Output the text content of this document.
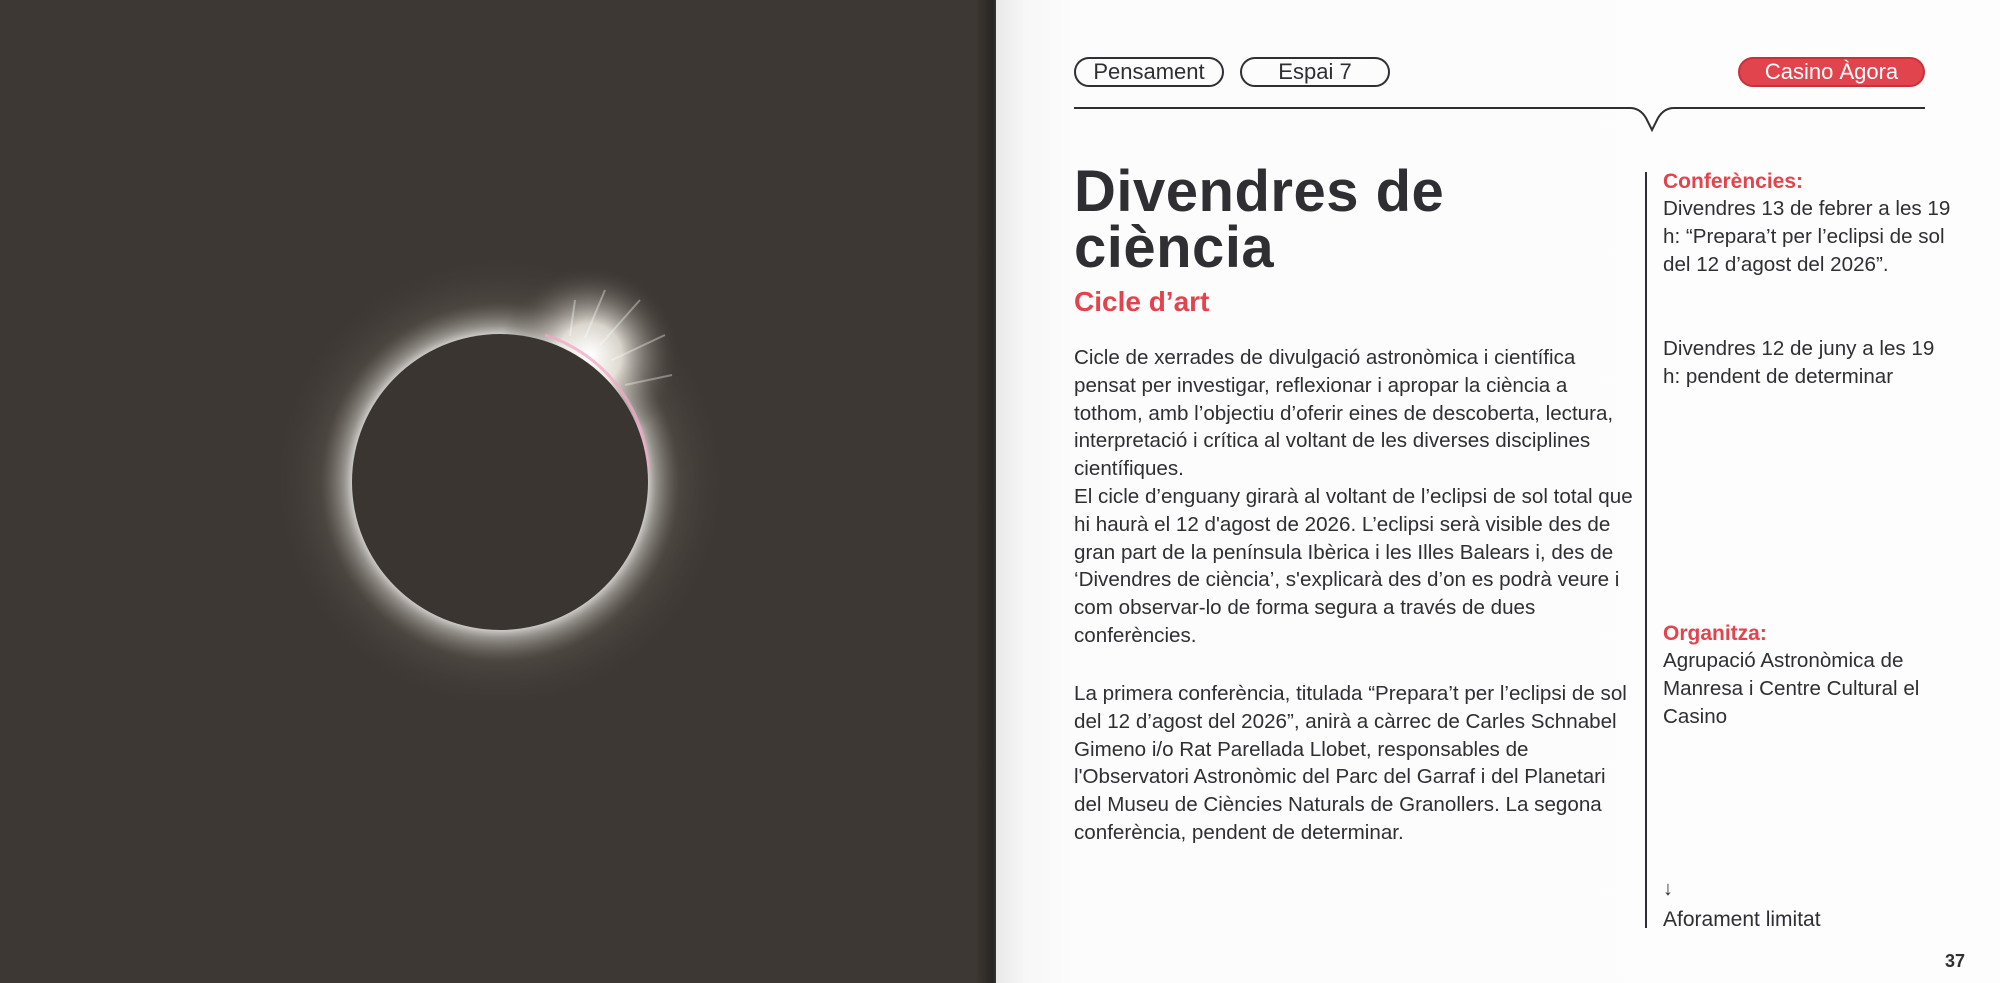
Pensament	Espai 7	Casino Àgora
Divendres de
ciència
Cicle d’art

Cicle de xerrades de divulgació astronòmica i científica pensat per investigar, reflexionar i apropar la ciència a tothom, amb l’objectiu d’oferir eines de descoberta, lectura, interpretació i crítica al voltant de les diverses disciplines científiques.

El cicle d’enguany girarà al voltant de l’eclipsi de sol total que hi haurà el 12 d'agost de 2026. L’eclipsi serà visible des de gran part de la península Ibèrica i les Illes Balears i, des de ‘Divendres de ciència’, s'explicarà des d’on es podrà veure i com observar-lo de forma segura a través de dues conferències.

La primera conferència, titulada “Prepara’t per l’eclipsi de sol del 12 d’agost del 2026”, anirà a càrrec de Carles Schnabel Gimeno i/o Rat Parellada Llobet, responsables de l'Observatori Astronòmic del Parc del Garraf i del Planetari del Museu de Ciències Naturals de Granollers. La segona conferència, pendent de determinar.

Conferències:

Divendres 13 de febrer a les 19 h: “Prepara’t per l’eclipsi de sol del 12 d’agost del 2026”.

Divendres 12 de juny a les 19 h: pendent de determinar

Organitza:

Agrupació Astronòmica de Manresa i Centre Cultural el Casino

↓
Aforament limitat
37
